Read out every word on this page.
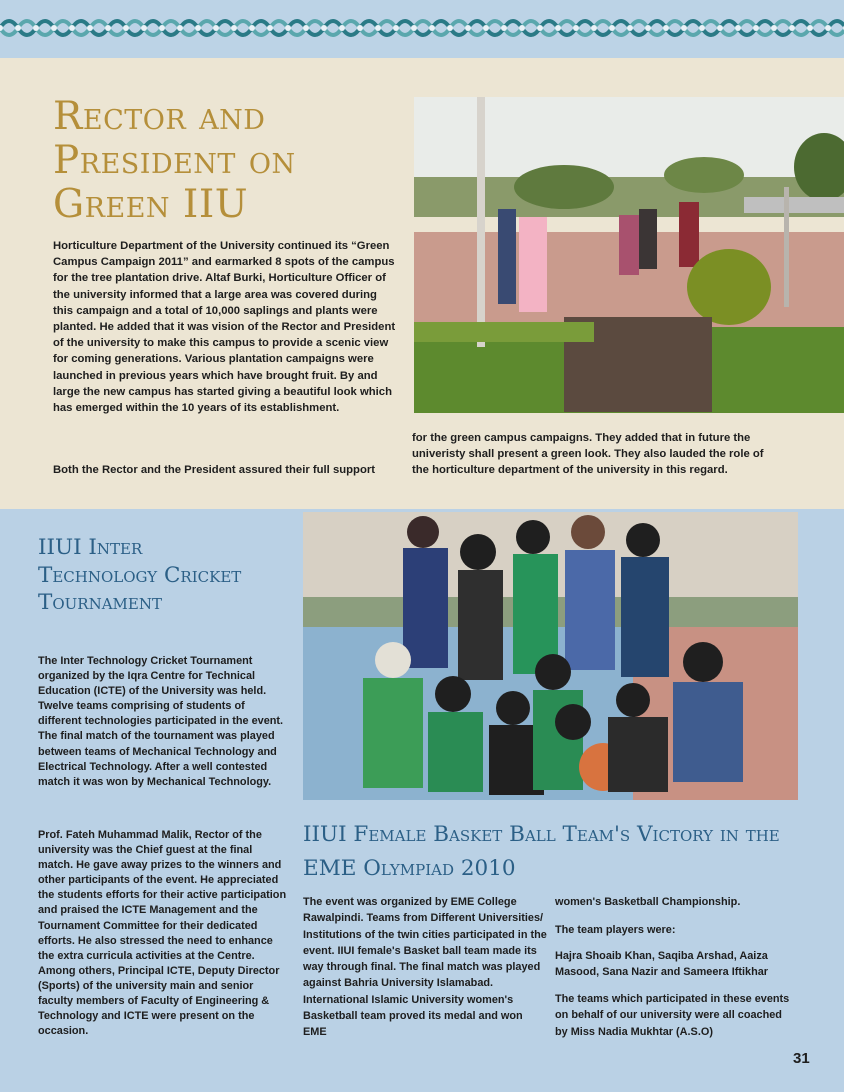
Rector and President on Green IIU

Horticulture Department of the University continued its “Green Campus Campaign 2011” and earmarked 8 spots of the campus for the tree plantation drive. Altaf Burki, Horticulture Officer of the university informed that a large area was covered during this campaign and a total of 10,000 saplings and plants were planted. He added that it was vision of the Rector and President of the university to make this campus to provide a scenic view for coming generations. Various plantation campaigns were launched in previous years which have brought fruit. By and large the new campus has started giving a beautiful look which has emerged within the 10 years of its establishment.

Both the Rector and the President assured their full support

for the green campus campaigns. They added that in future the univeristy shall present a green look. They also lauded the role of the horticulture department of the university in this regard.

IIUI Inter Technology Cricket Tournament

The Inter Technology Cricket Tournament organized by the Iqra Centre for Technical Education (ICTE) of the University was held. Twelve teams comprising of students of different technologies participated in the event. The final match of the tournament was played between teams of Mechanical Technology and Electrical Technology. After a well contested match it was won by Mechanical Technology.

Prof. Fateh Muhammad Malik, Rector of the university was the Chief guest at the final match. He gave away prizes to the winners and other participants of the event. He appreciated the students efforts for their active participation and praised the ICTE Management and the Tournament Committee for their dedicated efforts. He also stressed the need to enhance the extra curricula activities at the Centre. Among others, Principal ICTE, Deputy Director (Sports) of the university main and senior faculty members of Faculty of Engineering & Technology and ICTE were present on the occasion.

IIUI Female Basket Ball Team's Victory in the EME Olympiad 2010

The event was organized by EME College Rawalpindi. Teams from Different Universities/ Institutions of the twin cities participated in the event. IIUI female's Basket ball team made its way through final. The final match was played against Bahria University Islamabad. International Islamic University women's Basketball team proved its medal and won EME

women's Basketball Championship.

The team players were:

Hajra Shoaib Khan, Saqiba Arshad, Aaiza Masood, Sana Nazir and Sameera Iftikhar

The teams which participated in these events on behalf of our university were all coached by Miss Nadia Mukhtar (A.S.O)

31
